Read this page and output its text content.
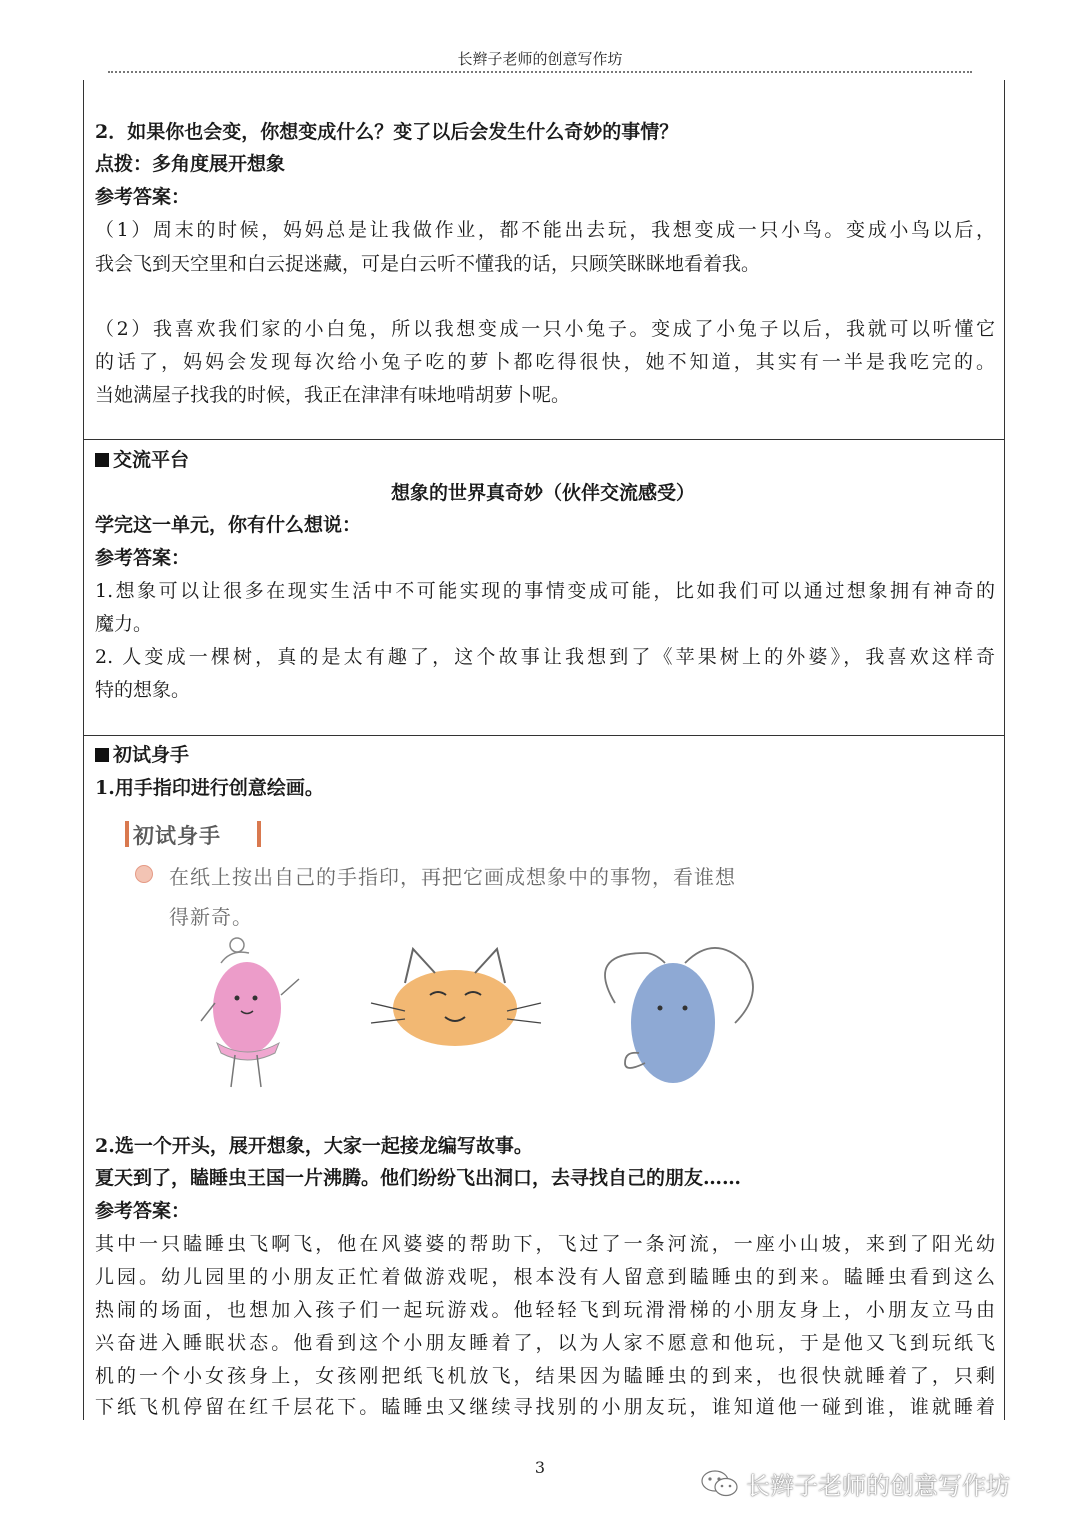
长辫子老师的创意写作坊
2．如果你也会变，你想变成什么？变了以后会发生什么奇妙的事情？
点拨：多角度展开想象
参考答案：
（1）周末的时候，妈妈总是让我做作业，都不能出去玩，我想变成一只小鸟。变成小鸟以后，
我会飞到天空里和白云捉迷藏，可是白云听不懂我的话，只顾笑眯眯地看着我。
（2）我喜欢我们家的小白兔，所以我想变成一只小兔子。变成了小兔子以后，我就可以听懂它
的话了，妈妈会发现每次给小兔子吃的萝卜都吃得很快，她不知道，其实有一半是我吃完的。
当她满屋子找我的时候，我正在津津有味地啃胡萝卜呢。
交流平台
想象的世界真奇妙（伙伴交流感受）
学完这一单元，你有什么想说：
参考答案：
1.想象可以让很多在现实生活中不可能实现的事情变成可能，比如我们可以通过想象拥有神奇的
魔力。
2. 人变成一棵树，真的是太有趣了，这个故事让我想到了《苹果树上的外婆》，我喜欢这样奇
特的想象。
初试身手
1.用手指印进行创意绘画。
初试身手
在纸上按出自己的手指印，再把它画成想象中的事物，看谁想
得新奇。
2.选一个开头，展开想象，大家一起接龙编写故事。
夏天到了，瞌睡虫王国一片沸腾。他们纷纷飞出洞口，去寻找自己的朋友……
参考答案：
其中一只瞌睡虫飞啊飞，他在风婆婆的帮助下，飞过了一条河流，一座小山坡，来到了阳光幼
儿园。幼儿园里的小朋友正忙着做游戏呢，根本没有人留意到瞌睡虫的到来。瞌睡虫看到这么
热闹的场面，也想加入孩子们一起玩游戏。他轻轻飞到玩滑滑梯的小朋友身上，小朋友立马由
兴奋进入睡眠状态。他看到这个小朋友睡着了，以为人家不愿意和他玩，于是他又飞到玩纸飞
机的一个小女孩身上，女孩刚把纸飞机放飞，结果因为瞌睡虫的到来，也很快就睡着了，只剩
下纸飞机停留在红千层花下。瞌睡虫又继续寻找别的小朋友玩，谁知道他一碰到谁，谁就睡着
3
长辫子老师的创意写作坊
